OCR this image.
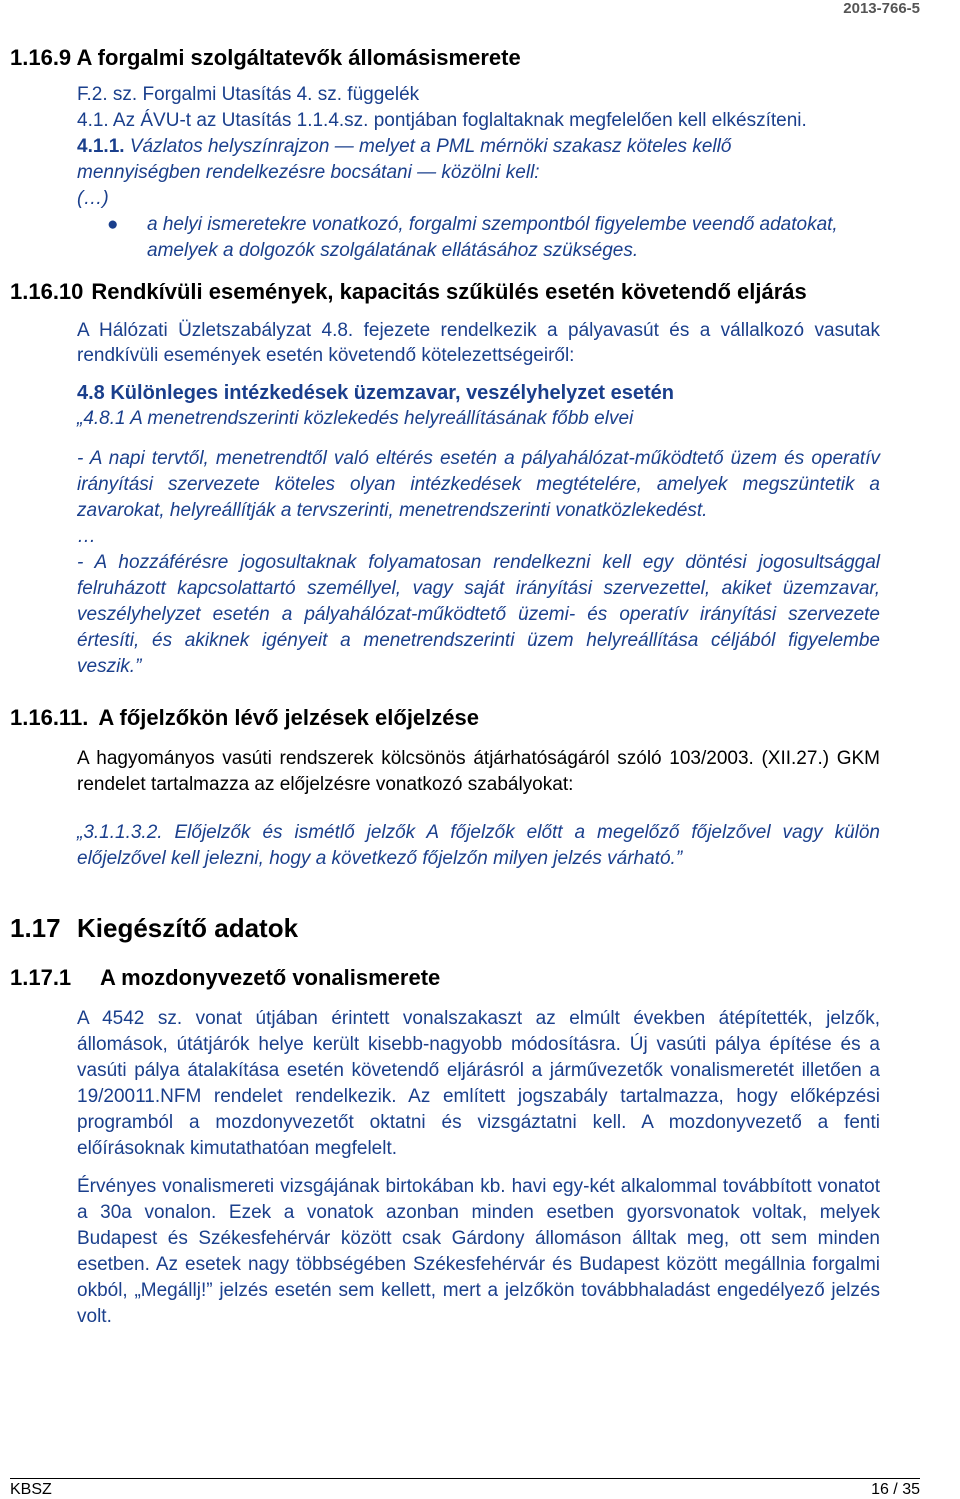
2013-766-5
1.16.9 A forgalmi szolgáltatevők állomásismerete
F.2. sz. Forgalmi Utasítás 4. sz. függelék
4.1. Az ÁVU-t az Utasítás 1.1.4.sz. pontjában foglaltaknak megfelelően kell elkészíteni.
4.1.1. Vázlatos helyszínrajzon ― melyet a PML mérnöki szakasz köteles kellő
mennyiségben rendelkezésre bocsátani ― közölni kell:
(…)
●	a helyi ismeretekre vonatkozó, forgalmi szempontból figyelembe veendő adatokat, amelyek a dolgozók szolgálatának ellátásához szükséges.
1.16.10 Rendkívüli események, kapacitás szűkülés esetén követendő eljárás
A Hálózati Üzletszabályzat 4.8. fejezete rendelkezik a pályavasút és a vállalkozó vasutak rendkívüli események esetén követendő kötelezettségeiről:
4.8 Különleges intézkedések üzemzavar, veszélyhelyzet esetén
„4.8.1 A menetrendszerinti közlekedés helyreállításának főbb elvei
- A napi tervtől, menetrendtől való eltérés esetén a pályahálózat-működtető üzem és operatív irányítási szervezete köteles olyan intézkedések megtételére, amelyek megszüntetik a zavarokat, helyreállítják a tervszerinti, menetrendszerinti vonatközlekedést.
…
- A hozzáférésre jogosultaknak folyamatosan rendelkezni kell egy döntési jogosultsággal felruházott kapcsolattartó személlyel, vagy saját irányítási szervezettel, akiket üzemzavar, veszélyhelyzet esetén a pályahálózat-működtető üzemi- és operatív irányítási szervezete értesíti, és akiknek igényeit a menetrendszerinti üzem helyreállítása céljából figyelembe veszik.”
1.16.11. A főjelzőkön lévő jelzések előjelzése
A hagyományos vasúti rendszerek kölcsönös átjárhatóságáról szóló 103/2003. (XII.27.) GKM rendelet tartalmazza az előjelzésre vonatkozó szabályokat:
„3.1.1.3.2. Előjelzők és ismétlő jelzők A főjelzők előtt a megelőző főjelzővel vagy külön előjelzővel kell jelezni, hogy a következő főjelzőn milyen jelzés várható.”
1.17 Kiegészítő adatok
1.17.1	A mozdonyvezető vonalismerete
A 4542 sz. vonat útjában érintett vonalszakaszt az elmúlt években átépítették, jelzők, állomások, útátjárók helye került kisebb-nagyobb módosításra. Új vasúti pálya építése és a vasúti pálya átalakítása esetén követendő eljárásról a járművezetők vonalismeretét illetően a 19/20011.NFM rendelet rendelkezik. Az említett jogszabály tartalmazza, hogy előképzési programból a mozdonyvezetőt oktatni és vizsgáztatni kell. A mozdonyvezető a fenti előírásoknak kimutathatóan megfelelt.
Érvényes vonalismereti vizsgájának birtokában kb. havi egy-két alkalommal továbbított vonatot a 30a vonalon. Ezek a vonatok azonban minden esetben gyorsvonatok voltak, melyek Budapest és Székesfehérvár között csak Gárdony állomáson álltak meg, ott sem minden esetben. Az esetek nagy többségében Székesfehérvár és Budapest között megállnia forgalmi okból, „Megállj!” jelzés esetén sem kellett, mert a jelzőkön továbbhaladást engedélyező jelzés volt.
KBSZ	16 / 35
